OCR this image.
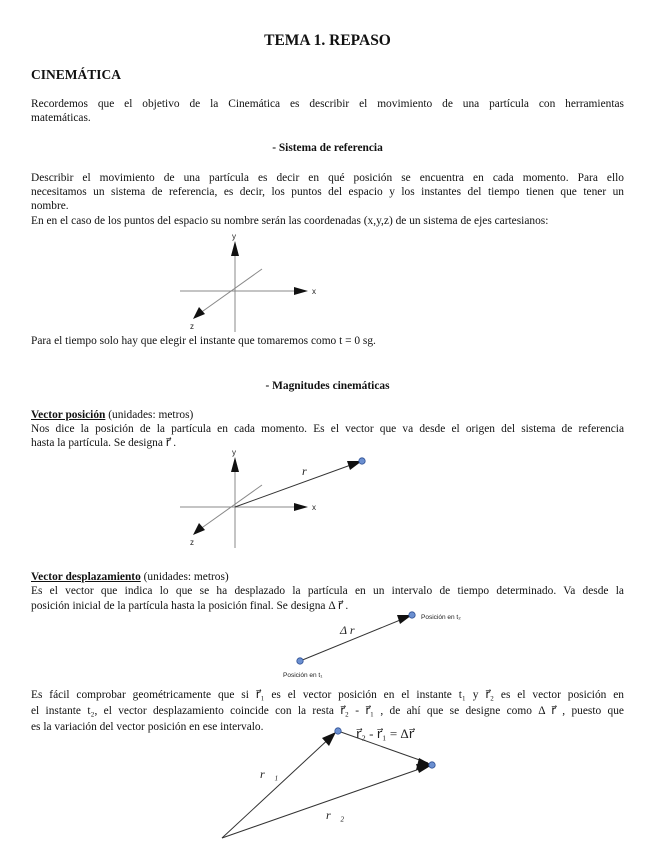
TEMA 1. REPASO
CINEMÁTICA
Recordemos que el objetivo de la Cinemática es describir el movimiento de una partícula con herramientas
matemáticas.
- Sistema de referencia
Describir el movimiento de una partícula es decir en qué posición se encuentra en cada momento. Para ello
necesitamos un sistema de referencia, es decir, los puntos del espacio y los instantes del tiempo tienen que tener un
nombre.
En en el caso de los puntos del espacio su nombre serán las coordenadas (x,y,z) de un sistema de ejes cartesianos:
x
y
z
Para el tiempo solo hay que elegir el instante que tomaremos como t = 0 sg.
- Magnitudes cinemáticas
Vector posición (unidades: metros)
Nos dice la posición de la partícula en cada momento. Es el vector que va desde el origen del sistema de referencia
hasta la partícula. Se designa r⃗ .
r⃗
x
y
z
Vector desplazamiento (unidades: metros)
Es el vector que indica lo que se ha desplazado la partícula en un intervalo de tiempo determinado. Va desde la
posición inicial de la partícula hasta la posición final. Se designa Δ r⃗ .
Δ r⃗
Posición en t₂
Posición en t₁
Es fácil comprobar geométricamente que si r⃗₁ es el vector posición en el instante t₁ y r⃗₂ es el vector posición en
el instante t₂, el vector desplazamiento coincide con la resta r⃗₂ - r⃗₁ , de ahí que se designe como Δ r⃗ , puesto que
es la variación del vector posición en ese intervalo.
r⃗₁
r⃗₂
r⃗₂ - r⃗₁ = Δr⃗
